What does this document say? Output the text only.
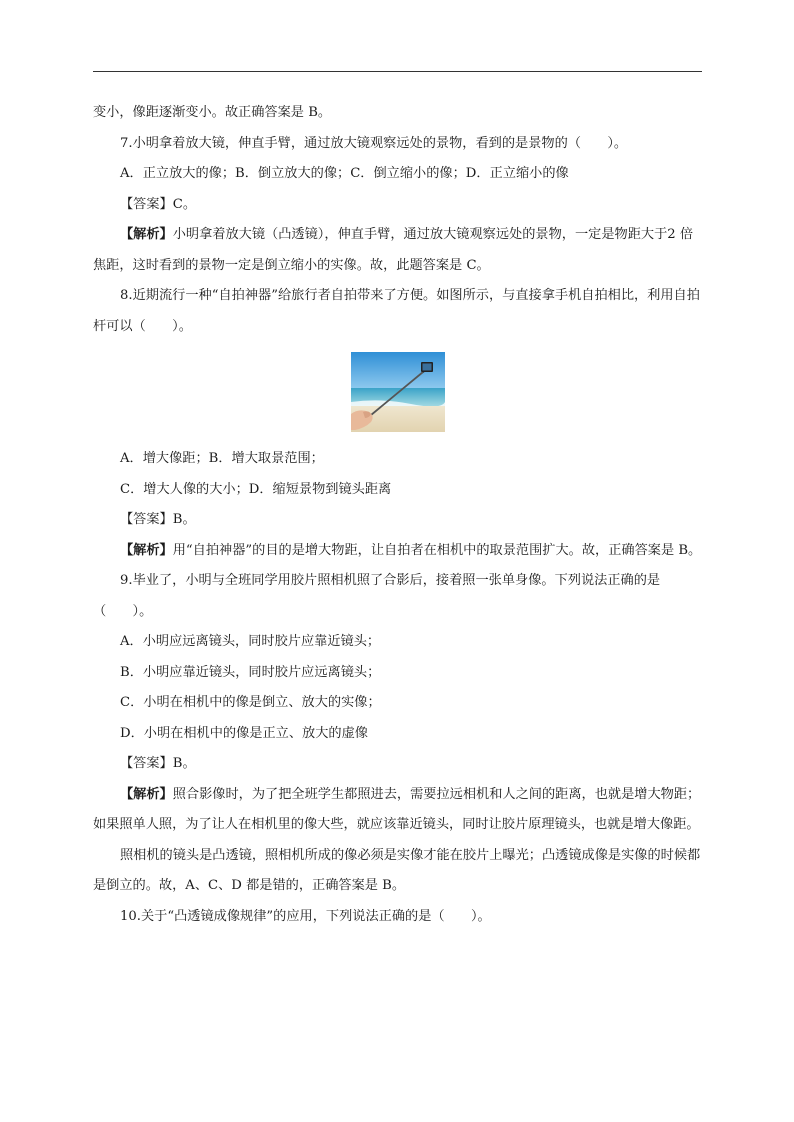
变小，像距逐渐变小。故正确答案是 B。
7.小明拿着放大镜，伸直手臂，通过放大镜观察远处的景物，看到的是景物的（　　）。
A．正立放大的像；B．倒立放大的像；C．倒立缩小的像；D．正立缩小的像
【答案】C。
【解析】小明拿着放大镜（凸透镜），伸直手臂，通过放大镜观察远处的景物，一定是物距大于2 倍焦距，这时看到的景物一定是倒立缩小的实像。故，此题答案是 C。
8.近期流行一种“自拍神器”给旅行者自拍带来了方便。如图所示，与直接拿手机自拍相比，利用自拍杆可以（　　）。
A．增大像距；B．增大取景范围；
C．增大人像的大小；D．缩短景物到镜头距离
【答案】B。
【解析】用“自拍神器”的目的是增大物距，让自拍者在相机中的取景范围扩大。故，正确答案是 B。
9.毕业了，小明与全班同学用胶片照相机照了合影后，接着照一张单身像。下列说法正确的是（　　）。
A．小明应远离镜头，同时胶片应靠近镜头；
B．小明应靠近镜头，同时胶片应远离镜头；
C．小明在相机中的像是倒立、放大的实像；
D．小明在相机中的像是正立、放大的虚像
【答案】B。
【解析】照合影像时，为了把全班学生都照进去，需要拉远相机和人之间的距离，也就是增大物距；如果照单人照，为了让人在相机里的像大些，就应该靠近镜头，同时让胶片原理镜头，也就是增大像距。
照相机的镜头是凸透镜，照相机所成的像必须是实像才能在胶片上曝光；凸透镜成像是实像的时候都是倒立的。故，A、C、D 都是错的，正确答案是 B。
10.关于“凸透镜成像规律”的应用，下列说法正确的是（　　）。
